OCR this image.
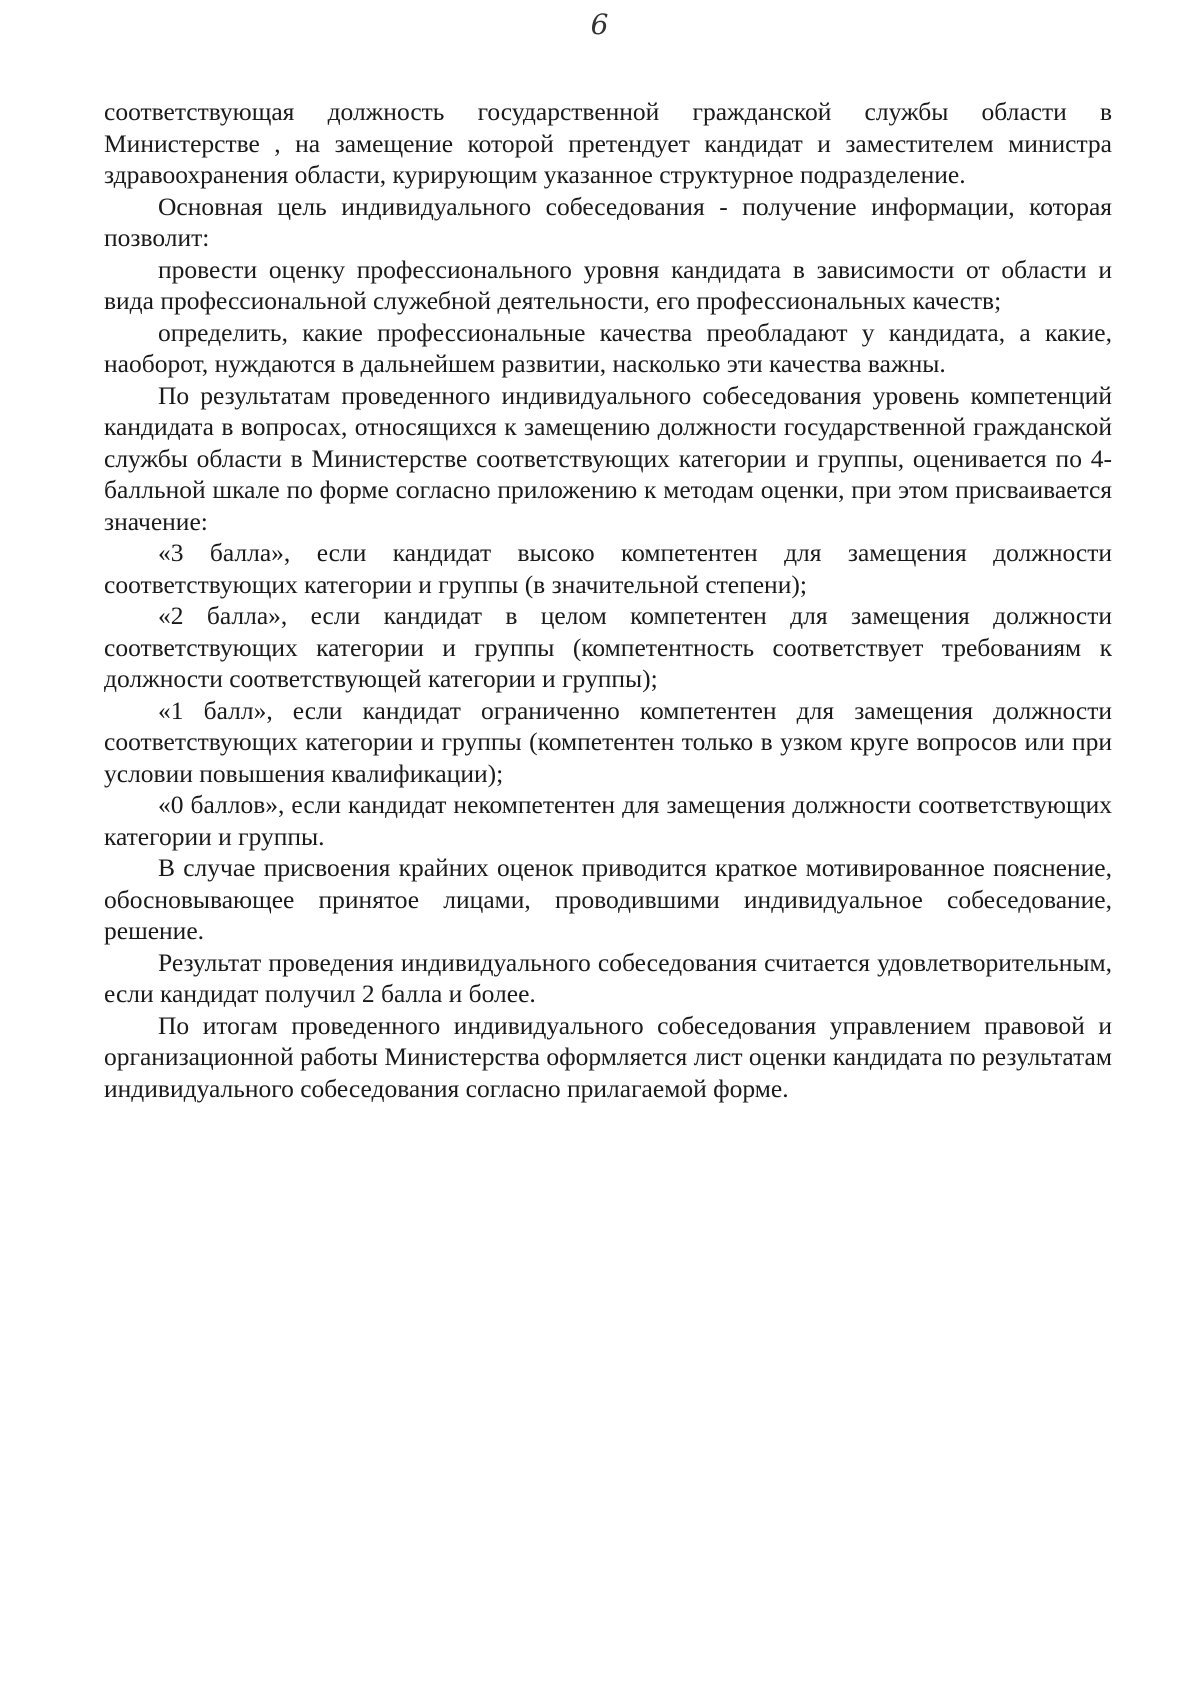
6

соответствующая должность государственной гражданской службы области в Министерстве , на замещение которой претендует кандидат и заместителем министра здравоохранения области, курирующим указанное структурное подразделение.

Основная цель индивидуального собеседования - получение информации, которая позволит:

провести оценку профессионального уровня кандидата в зависимости от области и вида профессиональной служебной деятельности, его профессиональных качеств;

определить, какие профессиональные качества преобладают у кандидата, а какие, наоборот, нуждаются в дальнейшем развитии, насколько эти качества важны.

По результатам проведенного индивидуального собеседования уровень компетенций кандидата в вопросах, относящихся к замещению должности государственной гражданской службы области в Министерстве соответствующих категории и группы, оценивается по 4-балльной шкале по форме согласно приложению к методам оценки, при этом присваивается значение:

«3 балла», если кандидат высоко компетентен для замещения должности соответствующих категории и группы (в значительной степени);

«2 балла», если кандидат в целом компетентен для замещения должности соответствующих категории и группы (компетентность соответствует требованиям к должности соответствующей категории и группы);

«1 балл», если кандидат ограниченно компетентен для замещения должности соответствующих категории и группы (компетентен только в узком круге вопросов или при условии повышения квалификации);

«0 баллов», если кандидат некомпетентен для замещения должности соответствующих категории и группы.

В случае присвоения крайних оценок приводится краткое мотивированное пояснение, обосновывающее принятое лицами, проводившими индивидуальное собеседование, решение.

Результат проведения индивидуального собеседования считается удовлетворительным, если кандидат получил 2 балла и более.

По итогам проведенного индивидуального собеседования управлением правовой и организационной работы Министерства оформляется лист оценки кандидата по результатам индивидуального собеседования согласно прилагаемой форме.
